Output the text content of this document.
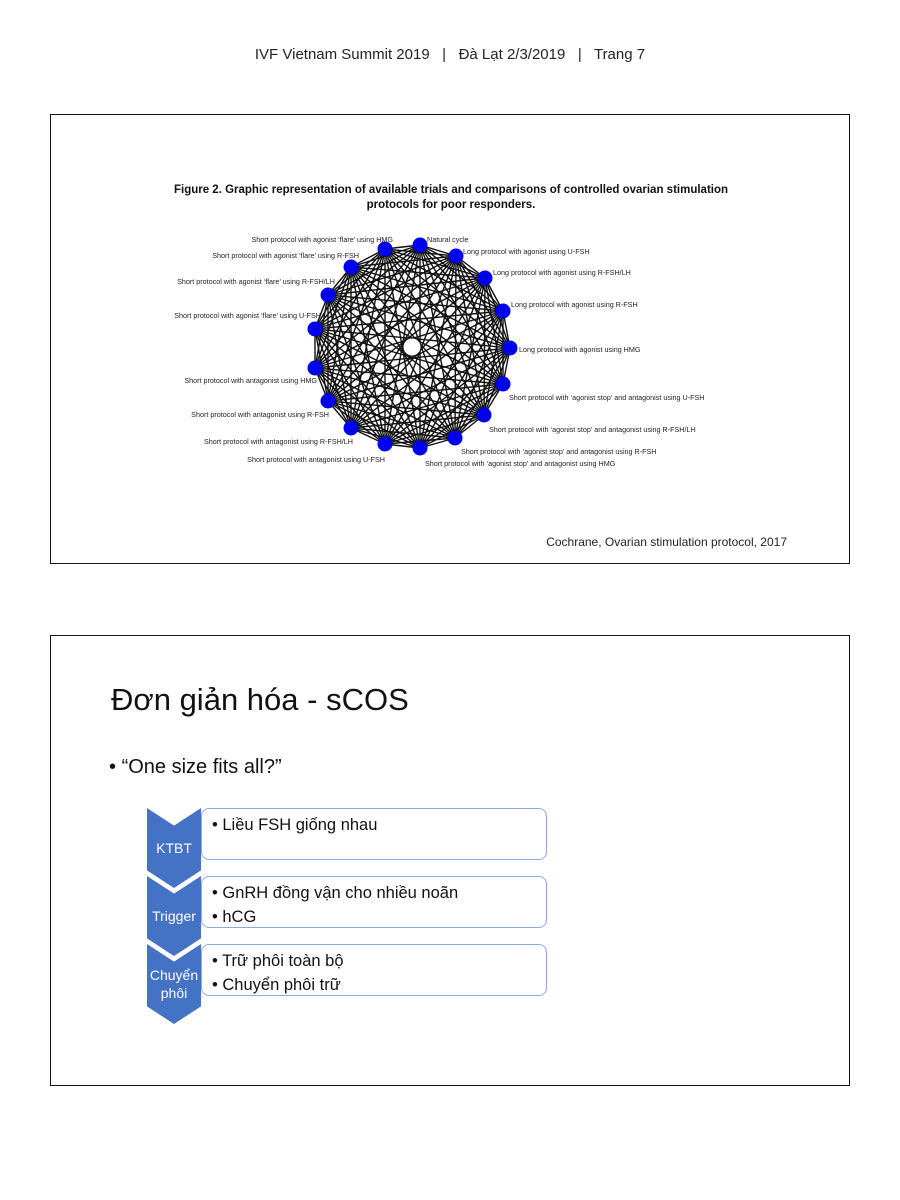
IVF Vietnam Summit 2019   |   Đà Lạt 2/3/2019   |   Trang 7
Natural cycle
Long protocol with agonist using U-FSH
Long protocol with agonist using R-FSH/LH
Long protocol with agonist using R-FSH
Long protocol with agonist using HMG
Short protocol with ‘agonist stop’ and antagonist using U-FSH
Short protocol with ‘agonist stop’ and antagonist using R-FSH/LH
Short protocol with ‘agonist stop’ and antagonist using R-FSH
Short protocol with ‘agonist stop’ and antagonist using HMG
Short protocol with antagonist using U-FSH
Short protocol with antagonist using R-FSH/LH
Short protocol with antagonist using R-FSH
Short protocol with antagonist using HMG
Short protocol with agonist ‘flare’ using U-FSH
Short protocol with agonist ‘flare’ using R-FSH/LH
Short protocol with agonist ‘flare’ using R-FSH
Short protocol with agonist ‘flare’ using HMG
Figure 2. Graphic representation of available trials and comparisons of controlled ovarian stimulation
protocols for poor responders.
Cochrane, Ovarian stimulation protocol, 2017
Đơn giản hóa - sCOS
• “One size fits all?”
KTBT
• Liều FSH giống nhau
Trigger
• GnRH đồng vận cho nhiều noãn
• hCG
Chuyển
phôi
• Trữ phôi toàn bộ
• Chuyển phôi trữ
